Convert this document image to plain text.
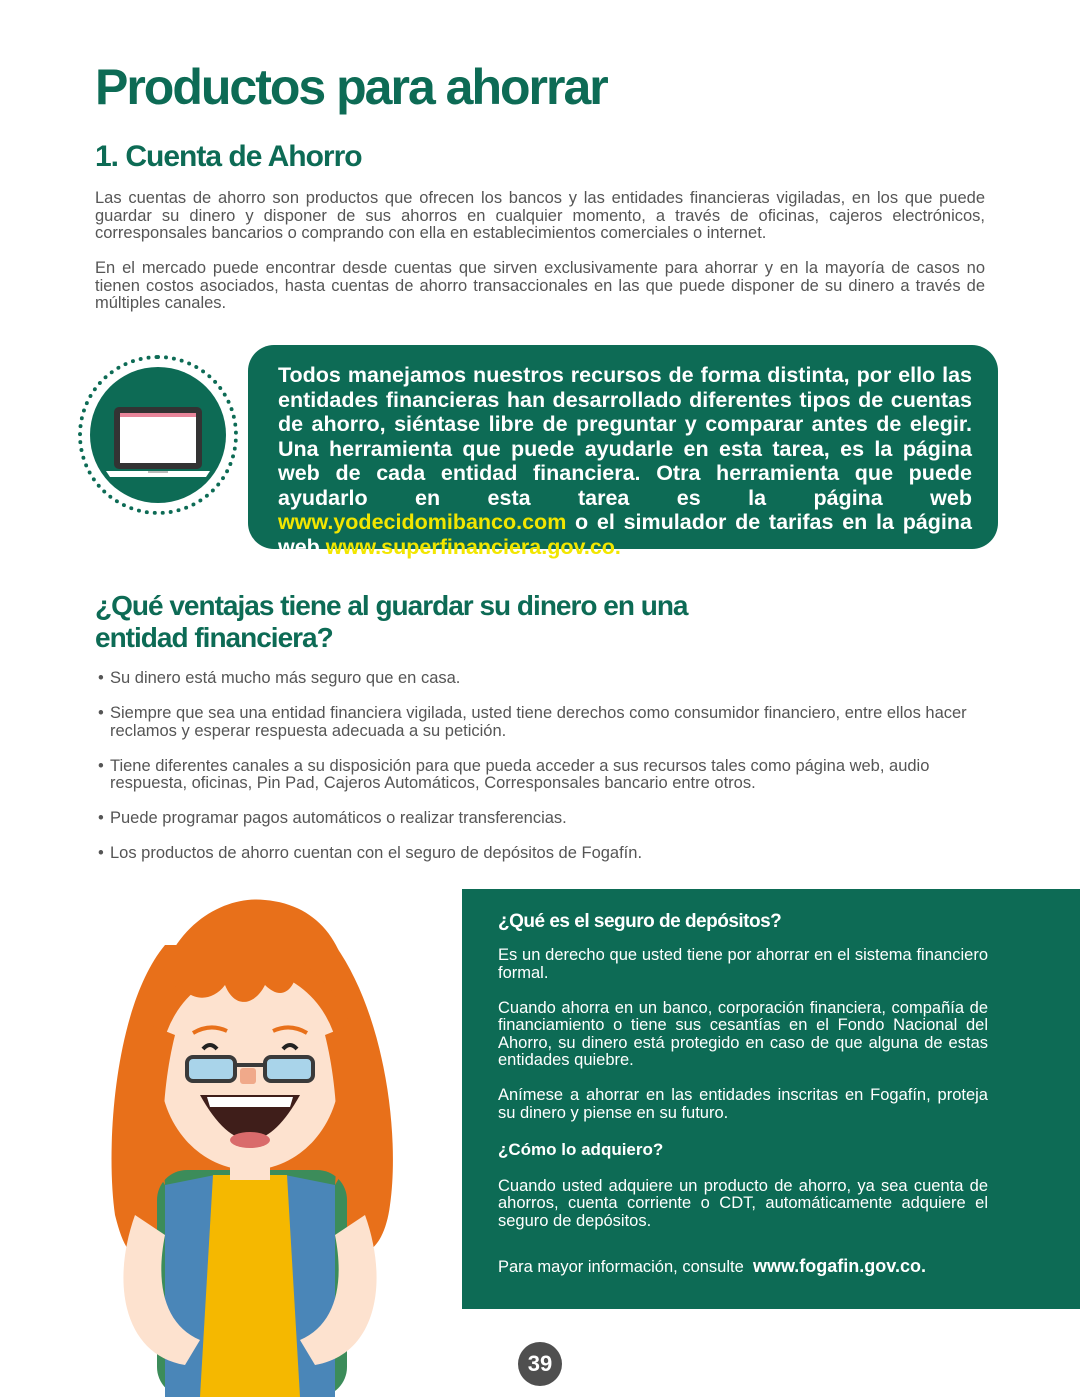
Productos para ahorrar
1. Cuenta de Ahorro

Las cuentas de ahorro son productos que ofrecen los bancos y las entidades financieras vigiladas, en los que puede guardar su dinero y disponer de sus ahorros en cualquier momento, a través de oficinas, cajeros electrónicos, corresponsales bancarios o comprando con ella en establecimientos comerciales o internet.

En el mercado puede encontrar desde cuentas que sirven exclusivamente para ahorrar y en la mayoría de casos no tienen costos asociados, hasta cuentas de ahorro transaccionales en las que puede disponer de su dinero a través de múltiples canales.

Todos manejamos nuestros recursos de forma distinta, por ello las entidades financieras han desarrollado diferentes tipos de cuentas de ahorro, siéntase libre de preguntar y comparar antes de elegir. Una herramienta que puede ayudarle en esta tarea, es la página web de cada entidad financiera. Otra herramienta que puede ayudarlo en esta tarea es la página web www.yodecidomibanco.com o el simulador de tarifas en la página web www.superfinanciera.gov.co.

¿Qué ventajas tiene al guardar su dinero en una entidad financiera?
• Su dinero está mucho más seguro que en casa.
• Siempre que sea una entidad financiera vigilada, usted tiene derechos como consumidor financiero, entre ellos hacer reclamos y esperar respuesta adecuada a su petición.
• Tiene diferentes canales a su disposición para que pueda acceder a sus recursos tales como página web, audio respuesta, oficinas, Pin Pad, Cajeros Automáticos, Corresponsales bancario entre otros.
• Puede programar pagos automáticos o realizar transferencias.
• Los productos de ahorro cuentan con el seguro de depósitos de Fogafín.
¿Qué es el seguro de depósitos?

Es un derecho que usted tiene por ahorrar en el sistema financiero formal.

Cuando ahorra en un banco, corporación financiera, compañía de financiamiento o tiene sus cesantías en el Fondo Nacional del Ahorro, su dinero está protegido en caso de que alguna de estas entidades quiebre.

Anímese a ahorrar en las entidades inscritas en Fogafín, proteja su dinero y piense en su futuro.

¿Cómo lo adquiero?

Cuando usted adquiere un producto de ahorro, ya sea cuenta de ahorros, cuenta corriente o CDT, automáticamente adquiere el seguro de depósitos.

Para mayor información, consulte www.fogafin.gov.co.

39
